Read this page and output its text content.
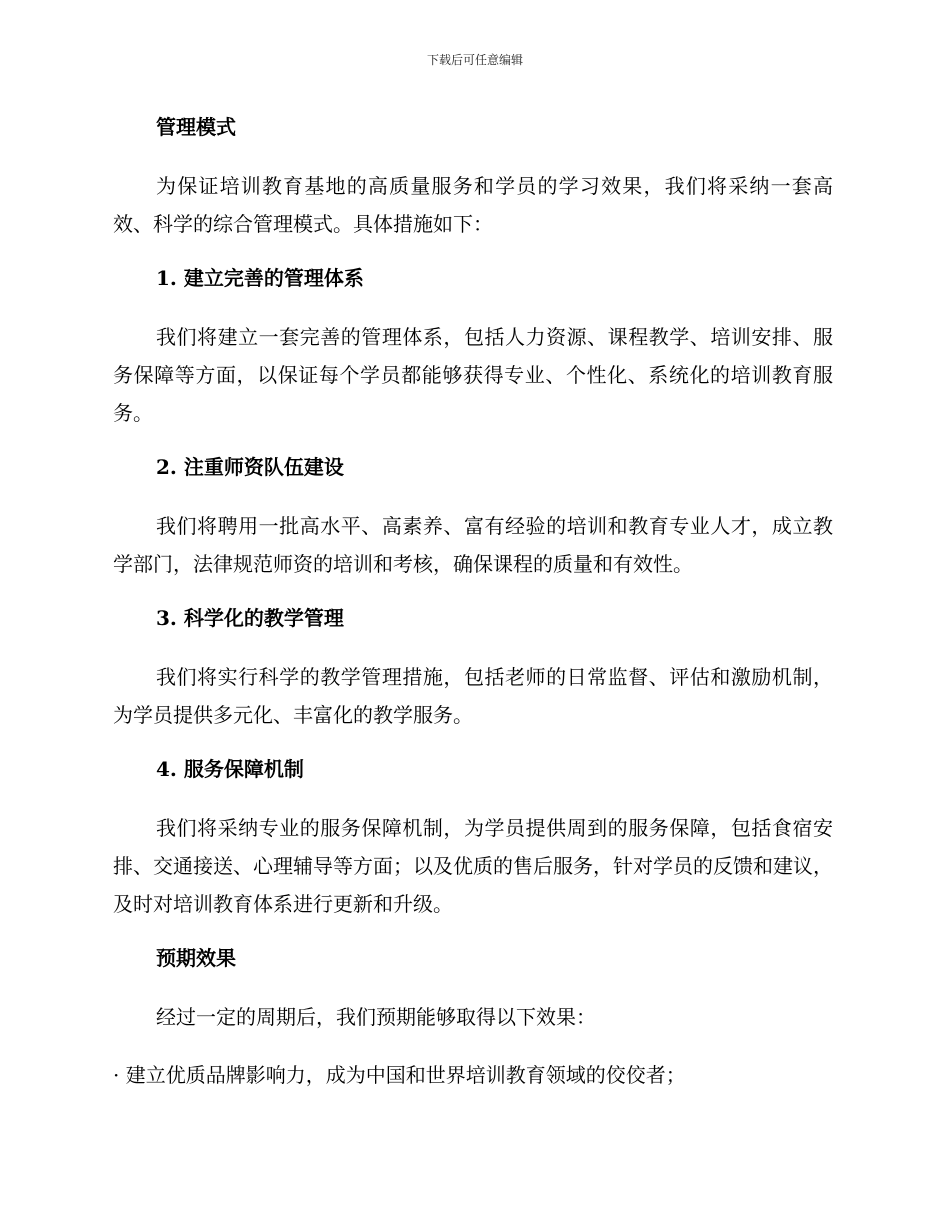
下载后可任意编辑

管理模式

为保证培训教育基地的高质量服务和学员的学习效果，我们将采纳一套高效、科学的综合管理模式。具体措施如下：

1. 建立完善的管理体系

我们将建立一套完善的管理体系，包括人力资源、课程教学、培训安排、服务保障等方面，以保证每个学员都能够获得专业、个性化、系统化的培训教育服务。

2. 注重师资队伍建设

我们将聘用一批高水平、高素养、富有经验的培训和教育专业人才，成立教学部门，法律规范师资的培训和考核，确保课程的质量和有效性。

3. 科学化的教学管理

我们将实行科学的教学管理措施，包括老师的日常监督、评估和激励机制，为学员提供多元化、丰富化的教学服务。

4. 服务保障机制

我们将采纳专业的服务保障机制，为学员提供周到的服务保障，包括食宿安排、交通接送、心理辅导等方面；以及优质的售后服务，针对学员的反馈和建议，及时对培训教育体系进行更新和升级。

预期效果

经过一定的周期后，我们预期能够取得以下效果：

· 建立优质品牌影响力，成为中国和世界培训教育领域的佼佼者；
